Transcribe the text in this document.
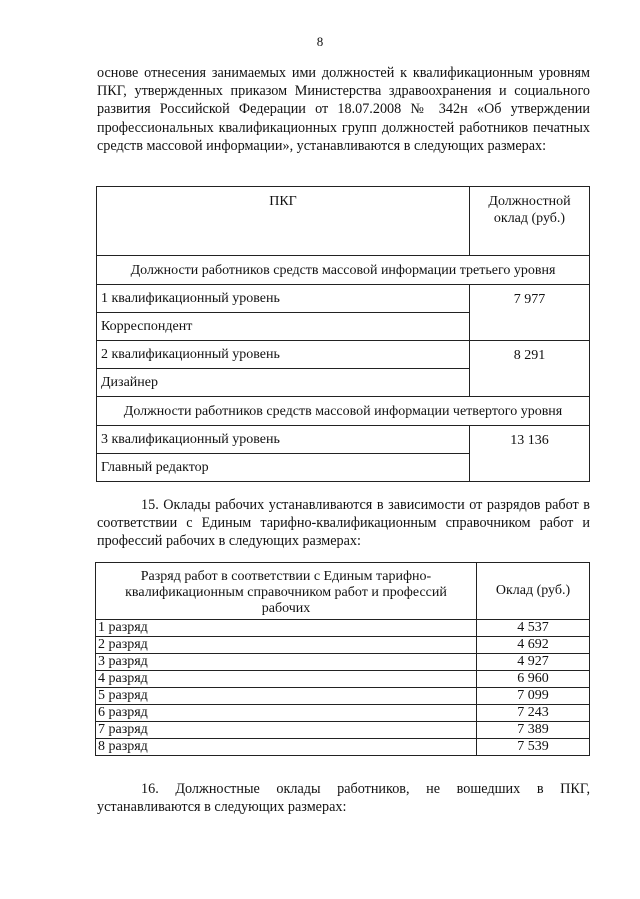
8

основе отнесения занимаемых ими должностей к квалификационным уровням ПКГ, утвержденных приказом Министерства здравоохранения и социального развития Российской Федерации от 18.07.2008 № 342н «Об утверждении профессиональных квалификационных групп должностей работников печатных средств массовой информации», устанавливаются в следующих размерах:

ПКГ	Должностной оклад (руб.)
Должности работников средств массовой информации третьего уровня	
1 квалификационный уровень	7 977
Корреспондент	
2 квалификационный уровень	8 291
Дизайнер	
Должности работников средств массовой информации четвертого уровня	
3 квалификационный уровень	13 136
Главный редактор	

15. Оклады рабочих устанавливаются в зависимости от разрядов работ в соответствии с Единым тарифно-квалификационным справочником работ и профессий рабочих в следующих размерах:

Разряд работ в соответствии с Единым тарифно-квалификационным справочником работ и профессий рабочих	Оклад (руб.)
1 разряд	4 537
2 разряд	4 692
3 разряд	4 927
4 разряд	6 960
5 разряд	7 099
6 разряд	7 243
7 разряд	7 389
8 разряд	7 539

16. Должностные оклады работников, не вошедших в ПКГ, устанавливаются в следующих размерах:
